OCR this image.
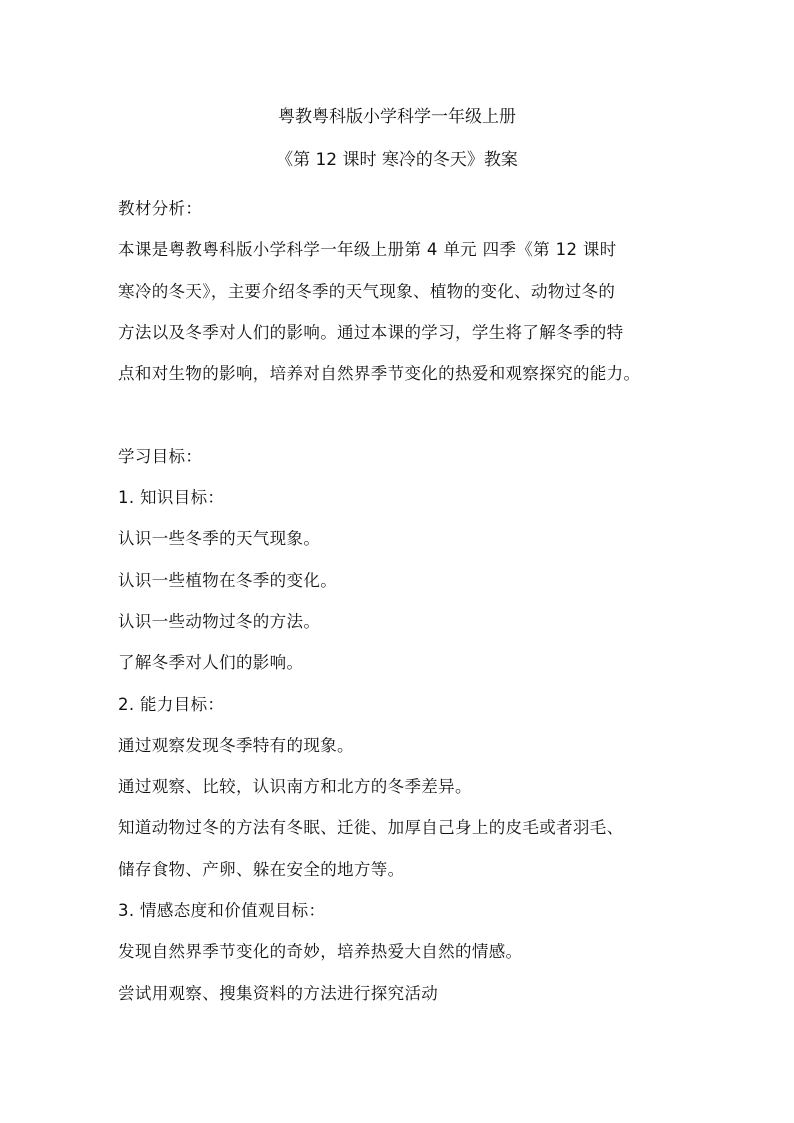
粤教粤科版小学科学一年级上册
《第 12 课时 寒冷的冬天》教案
教材分析：
本课是粤教粤科版小学科学一年级上册第 4 单元 四季《第 12 课时
寒冷的冬天》，主要介绍冬季的天气现象、植物的变化、动物过冬的
方法以及冬季对人们的影响。通过本课的学习，学生将了解冬季的特
点和对生物的影响，培养对自然界季节变化的热爱和观察探究的能力。
学习目标：
1. 知识目标：
认识一些冬季的天气现象。
认识一些植物在冬季的变化。
认识一些动物过冬的方法。
了解冬季对人们的影响。
2. 能力目标：
通过观察发现冬季特有的现象。
通过观察、比较，认识南方和北方的冬季差异。
知道动物过冬的方法有冬眠、迁徙、加厚自己身上的皮毛或者羽毛、
储存食物、产卵、躲在安全的地方等。
3. 情感态度和价值观目标：
发现自然界季节变化的奇妙，培养热爱大自然的情感。
尝试用观察、搜集资料的方法进行探究活动
